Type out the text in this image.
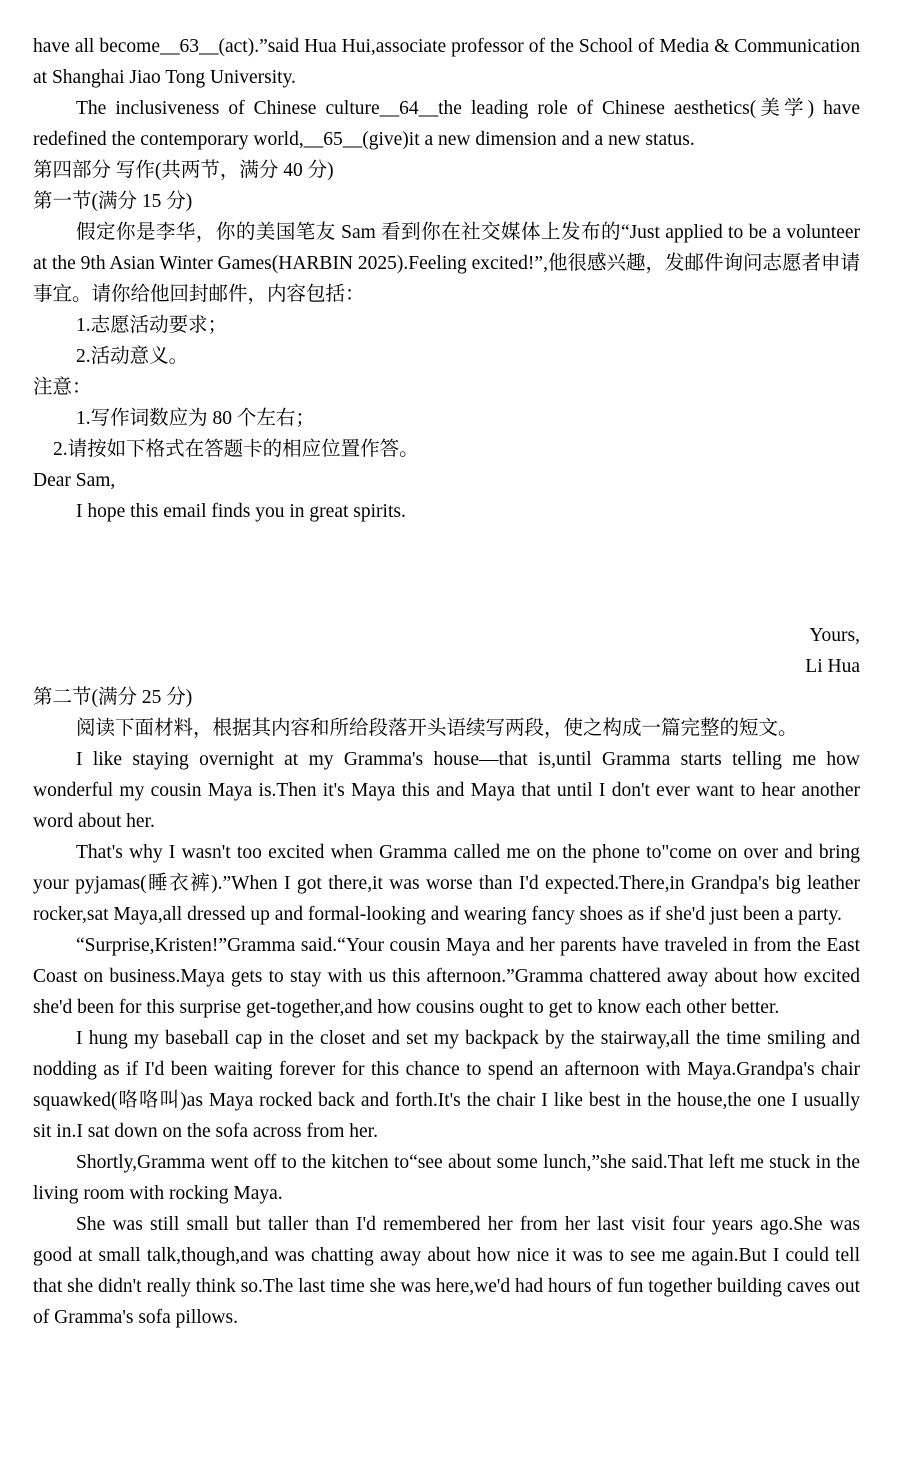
have all become__63__(act).”said Hua Hui,associate professor of the School of Media & Communication at Shanghai Jiao Tong University.

The inclusiveness of Chinese culture__64__the leading role of Chinese aesthetics(美学) have redefined the contemporary world,__65__(give)it a new dimension and a new status.

第四部分 写作(共两节，满分 40 分)

第一节(满分 15 分)

假定你是李华，你的美国笔友 Sam 看到你在社交媒体上发布的“Just applied to be a volunteer at the 9th Asian Winter Games(HARBIN 2025).Feeling excited!”,他很感兴趣，发邮件询问志愿者申请事宜。请你给他回封邮件，内容包括：

1.志愿活动要求；

2.活动意义。

注意：

1.写作词数应为 80 个左右；

2.请按如下格式在答题卡的相应位置作答。

Dear Sam,

I hope this email finds you in great spirits.

Yours,

Li Hua

第二节(满分 25 分)

阅读下面材料，根据其内容和所给段落开头语续写两段，使之构成一篇完整的短文。

I like staying overnight at my Gramma's house—that is,until Gramma starts telling me how wonderful my cousin Maya is.Then it's Maya this and Maya that until I don't ever want to hear another word about her.

That's why I wasn't too excited when Gramma called me on the phone to"come on over and bring your pyjamas(睡衣裤).”When I got there,it was worse than I'd expected.There,in Grandpa's big leather rocker,sat Maya,all dressed up and formal-looking and wearing fancy shoes as if she'd just been a party.

“Surprise,Kristen!”Gramma said.“Your cousin Maya and her parents have traveled in from the East Coast on business.Maya gets to stay with us this afternoon.”Gramma chattered away about how excited she'd been for this surprise get-together,and how cousins ought to get to know each other better.

I hung my baseball cap in the closet and set my backpack by the stairway,all the time smiling and nodding as if I'd been waiting forever for this chance to spend an afternoon with Maya.Grandpa's chair squawked(咯咯叫)as Maya rocked back and forth.It's the chair I like best in the house,the one I usually sit in.I sat down on the sofa across from her.

Shortly,Gramma went off to the kitchen to“see about some lunch,”she said.That left me stuck in the living room with rocking Maya.

She was still small but taller than I'd remembered her from her last visit four years ago.She was good at small talk,though,and was chatting away about how nice it was to see me again.But I could tell that she didn't really think so.The last time she was here,we'd had hours of fun together building caves out of Gramma's sofa pillows.
